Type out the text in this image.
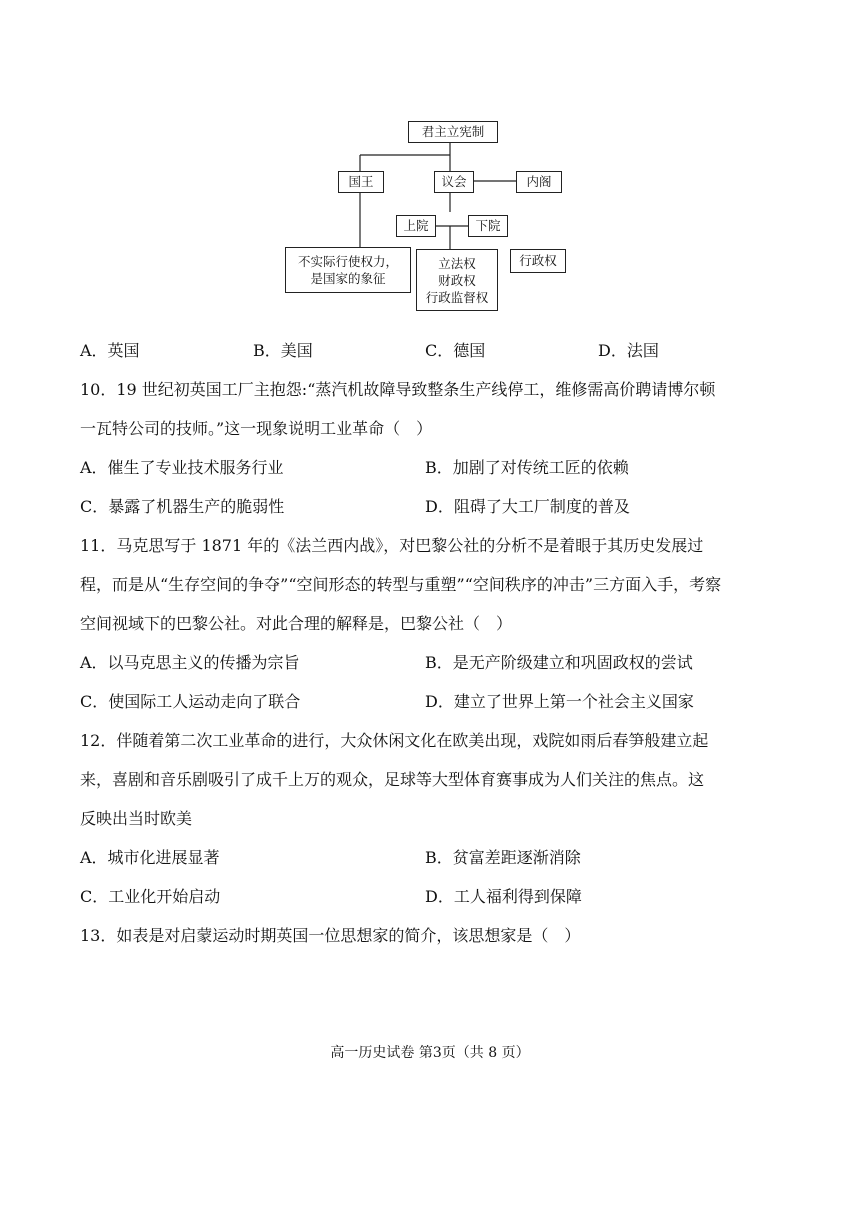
君主立宪制
国王	议会	内阁
上院	下院
不实际行使权力，
是国家的象征
立法权
财政权
行政监督权
行政权
A．英国	B．美国	C．德国	D．法国
10．19 世纪初英国工厂主抱怨:“蒸汽机故障导致整条生产线停工，维修需高价聘请博尔顿
一瓦特公司的技师。”这一现象说明工业革命（　）
A．催生了专业技术服务行业	B．加剧了对传统工匠的依赖
C．暴露了机器生产的脆弱性	D．阻碍了大工厂制度的普及
11．马克思写于 1871 年的《法兰西内战》，对巴黎公社的分析不是着眼于其历史发展过
程，而是从“生存空间的争夺”“空间形态的转型与重塑”“空间秩序的冲击”三方面入手，考察
空间视域下的巴黎公社。对此合理的解释是，巴黎公社（　）
A．以马克思主义的传播为宗旨	B．是无产阶级建立和巩固政权的尝试
C．使国际工人运动走向了联合	D．建立了世界上第一个社会主义国家
12．伴随着第二次工业革命的进行，大众休闲文化在欧美出现，戏院如雨后春笋般建立起
来，喜剧和音乐剧吸引了成千上万的观众，足球等大型体育赛事成为人们关注的焦点。这
反映出当时欧美
A．城市化进展显著	B．贫富差距逐渐消除
C．工业化开始启动	D．工人福利得到保障
13．如表是对启蒙运动时期英国一位思想家的简介，该思想家是（　）
高一历史试卷 第3页（共 8 页）
